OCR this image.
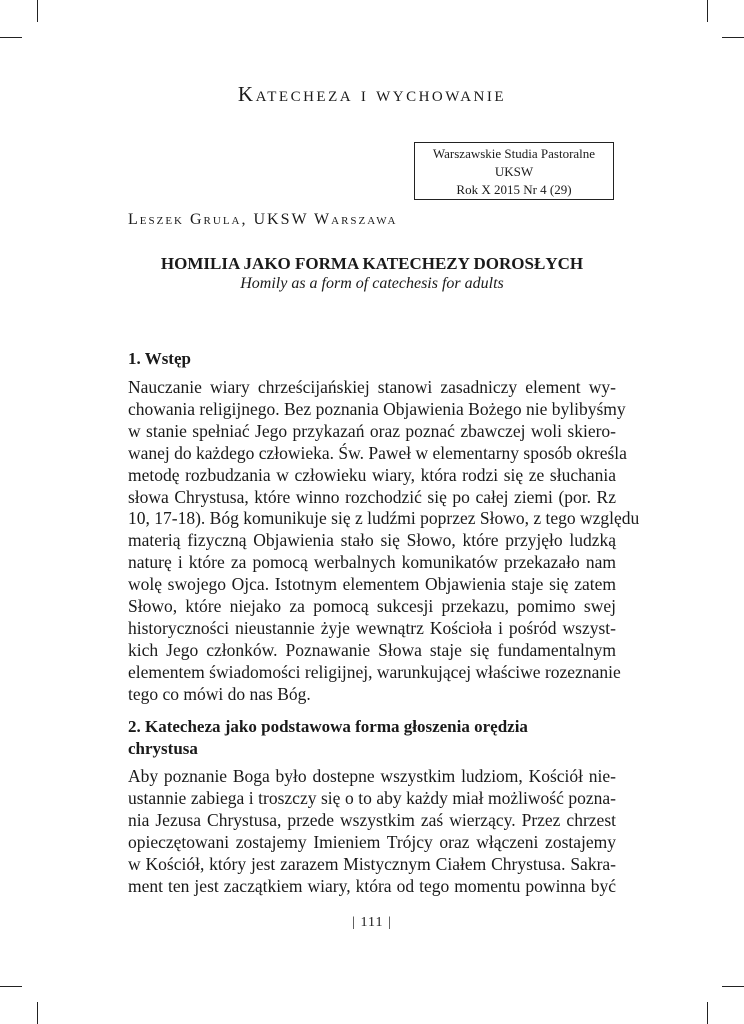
Katecheza i wychowanie
Warszawskie Studia Pastoralne
UKSW
Rok X 2015 Nr 4 (29)
Leszek Grula, UKSW Warszawa
HOMILIA JAKO FORMA KATECHEZY DOROSŁYCH
Homily as a form of catechesis for adults
1. Wstęp
Nauczanie wiary chrześcijańskiej stanowi zasadniczy element wy-
chowania religijnego. Bez poznania Objawienia Bożego nie bylibyśmy
w stanie spełniać Jego przykazań oraz poznać zbawczej woli skiero-
wanej do każdego człowieka. Św. Paweł w elementarny sposób określa
metodę rozbudzania w człowieku wiary, która rodzi się ze słuchania
słowa Chrystusa, które winno rozchodzić się po całej ziemi (por. Rz
10, 17-18). Bóg komunikuje się z ludźmi poprzez Słowo, z tego względu
materią fizyczną Objawienia stało się Słowo, które przyjęło ludzką
naturę i które za pomocą werbalnych komunikatów przekazało nam
wolę swojego Ojca. Istotnym elementem Objawienia staje się zatem
Słowo, które niejako za pomocą sukcesji przekazu, pomimo swej
historyczności nieustannie żyje wewnątrz Kościoła i pośród wszyst-
kich Jego członków. Poznawanie Słowa staje się fundamentalnym
elementem świadomości religijnej, warunkującej właściwe rozeznanie
tego co mówi do nas Bóg.
2. Katecheza jako podstawowa forma głoszenia orędzia
chrystusa
Aby poznanie Boga było dostepne wszystkim ludziom, Kościół nie-
ustannie zabiega i troszczy się o to aby każdy miał możliwość pozna-
nia Jezusa Chrystusa, przede wszystkim zaś wierzący. Przez chrzest
opieczętowani zostajemy Imieniem Trójcy oraz włączeni zostajemy
w Kościół, który jest zarazem Mistycznym Ciałem Chrystusa. Sakra-
ment ten jest zaczątkiem wiary, która od tego momentu powinna być
| 111 |
